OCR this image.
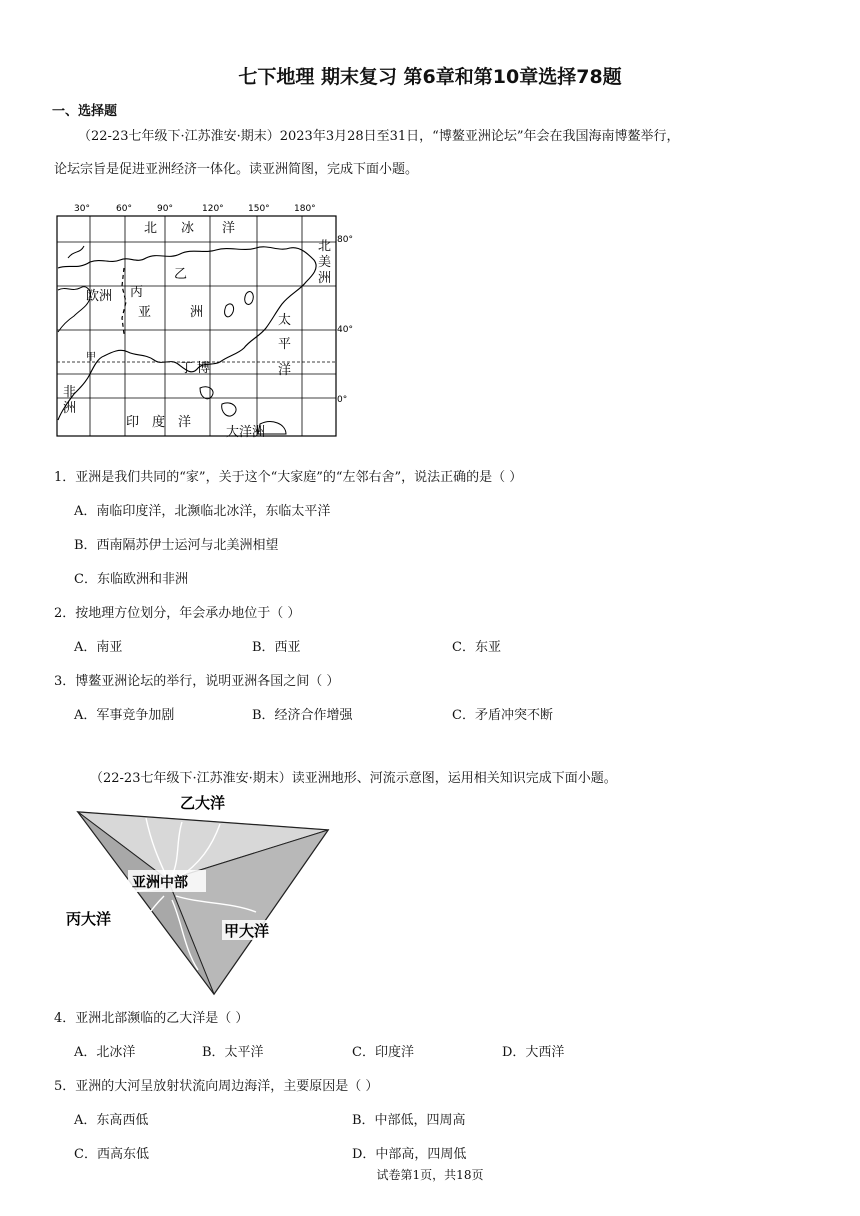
七下地理 期末复习 第6章和第10章选择78题
一、选择题
（22-23七年级下·江苏淮安·期末）2023年3月28日至31日，“博鳌亚洲论坛”年会在我国海南博鳌举行，
论坛宗旨是促进亚洲经济一体化。读亚洲简图，完成下面小题。
30°	60°	90°	120°	150°	180°
北 冰 洋
乙
丙
亚	洲
欧洲
北
美
洲
太
平
洋
丁 博
非
洲
印 度 洋
大洋洲
甲
80°
40°
0°
1．亚洲是我们共同的“家”，关于这个“大家庭”的“左邻右舍”，说法正确的是（ ）
A．南临印度洋，北濒临北冰洋，东临太平洋
B．西南隔苏伊士运河与北美洲相望
C．东临欧洲和非洲
2．按地理方位划分，年会承办地位于（ ）
A．南亚	B．西亚	C．东亚
3．博鳌亚洲论坛的举行，说明亚洲各国之间（ ）
A．军事竞争加剧	B．经济合作增强	C．矛盾冲突不断
（22-23七年级下·江苏淮安·期末）读亚洲地形、河流示意图，运用相关知识完成下面小题。
亚洲中部
乙大洋
丙大洋
甲大洋
4．亚洲北部濒临的乙大洋是（ ）
A．北冰洋	B．太平洋	C．印度洋	D．大西洋
5．亚洲的大河呈放射状流向周边海洋，主要原因是（ ）
A．东高西低	B．中部低，四周高
C．西高东低	D．中部高，四周低
试卷第1页，共18页
